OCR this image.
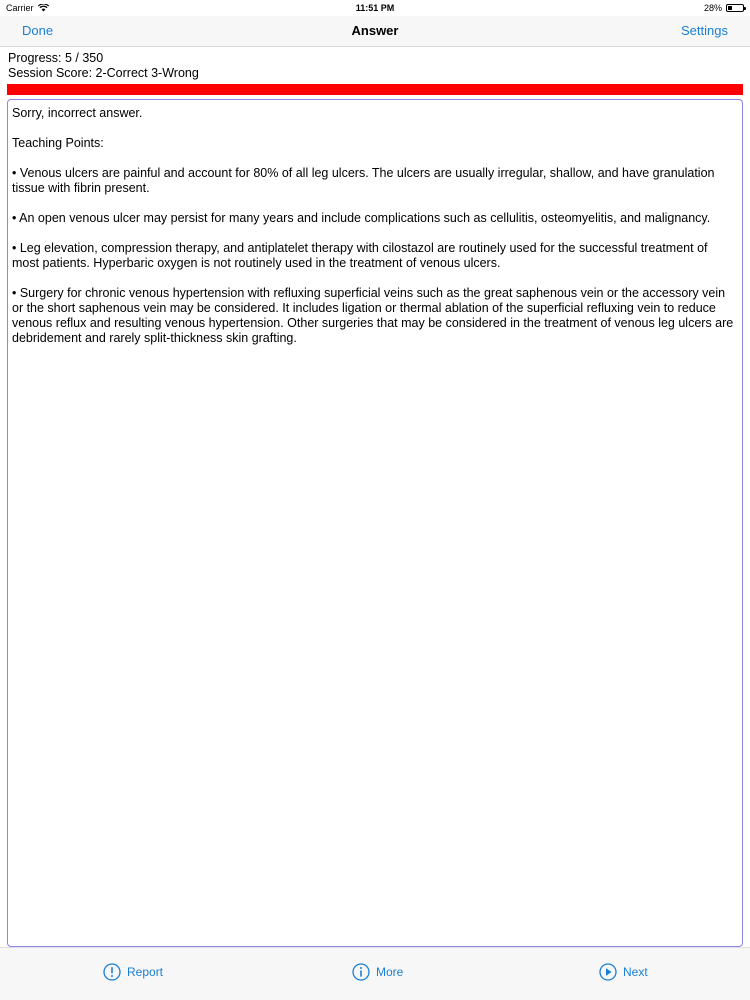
Carrier	11:51 PM	28%
Done	Answer	Settings
Progress: 5 / 350
Session Score: 2-Correct 3-Wrong

Sorry, incorrect answer.

Teaching Points:

• Venous ulcers are painful and account for 80% of all leg ulcers. The ulcers are usually irregular, shallow, and have granulation tissue with fibrin present.

• An open venous ulcer may persist for many years and include complications such as cellulitis, osteomyelitis, and malignancy.

• Leg elevation, compression therapy, and antiplatelet therapy with cilostazol are routinely used for the successful treatment of most patients. Hyperbaric oxygen is not routinely used in the treatment of venous ulcers.

• Surgery for chronic venous hypertension with refluxing superficial veins such as the great saphenous vein or the accessory vein or the short saphenous vein may be considered. It includes ligation or thermal ablation of the superficial refluxing vein to reduce venous reflux and resulting venous hypertension. Other surgeries that may be considered in the treatment of venous leg ulcers are debridement and rarely split-thickness skin grafting.

Report	More	Next
